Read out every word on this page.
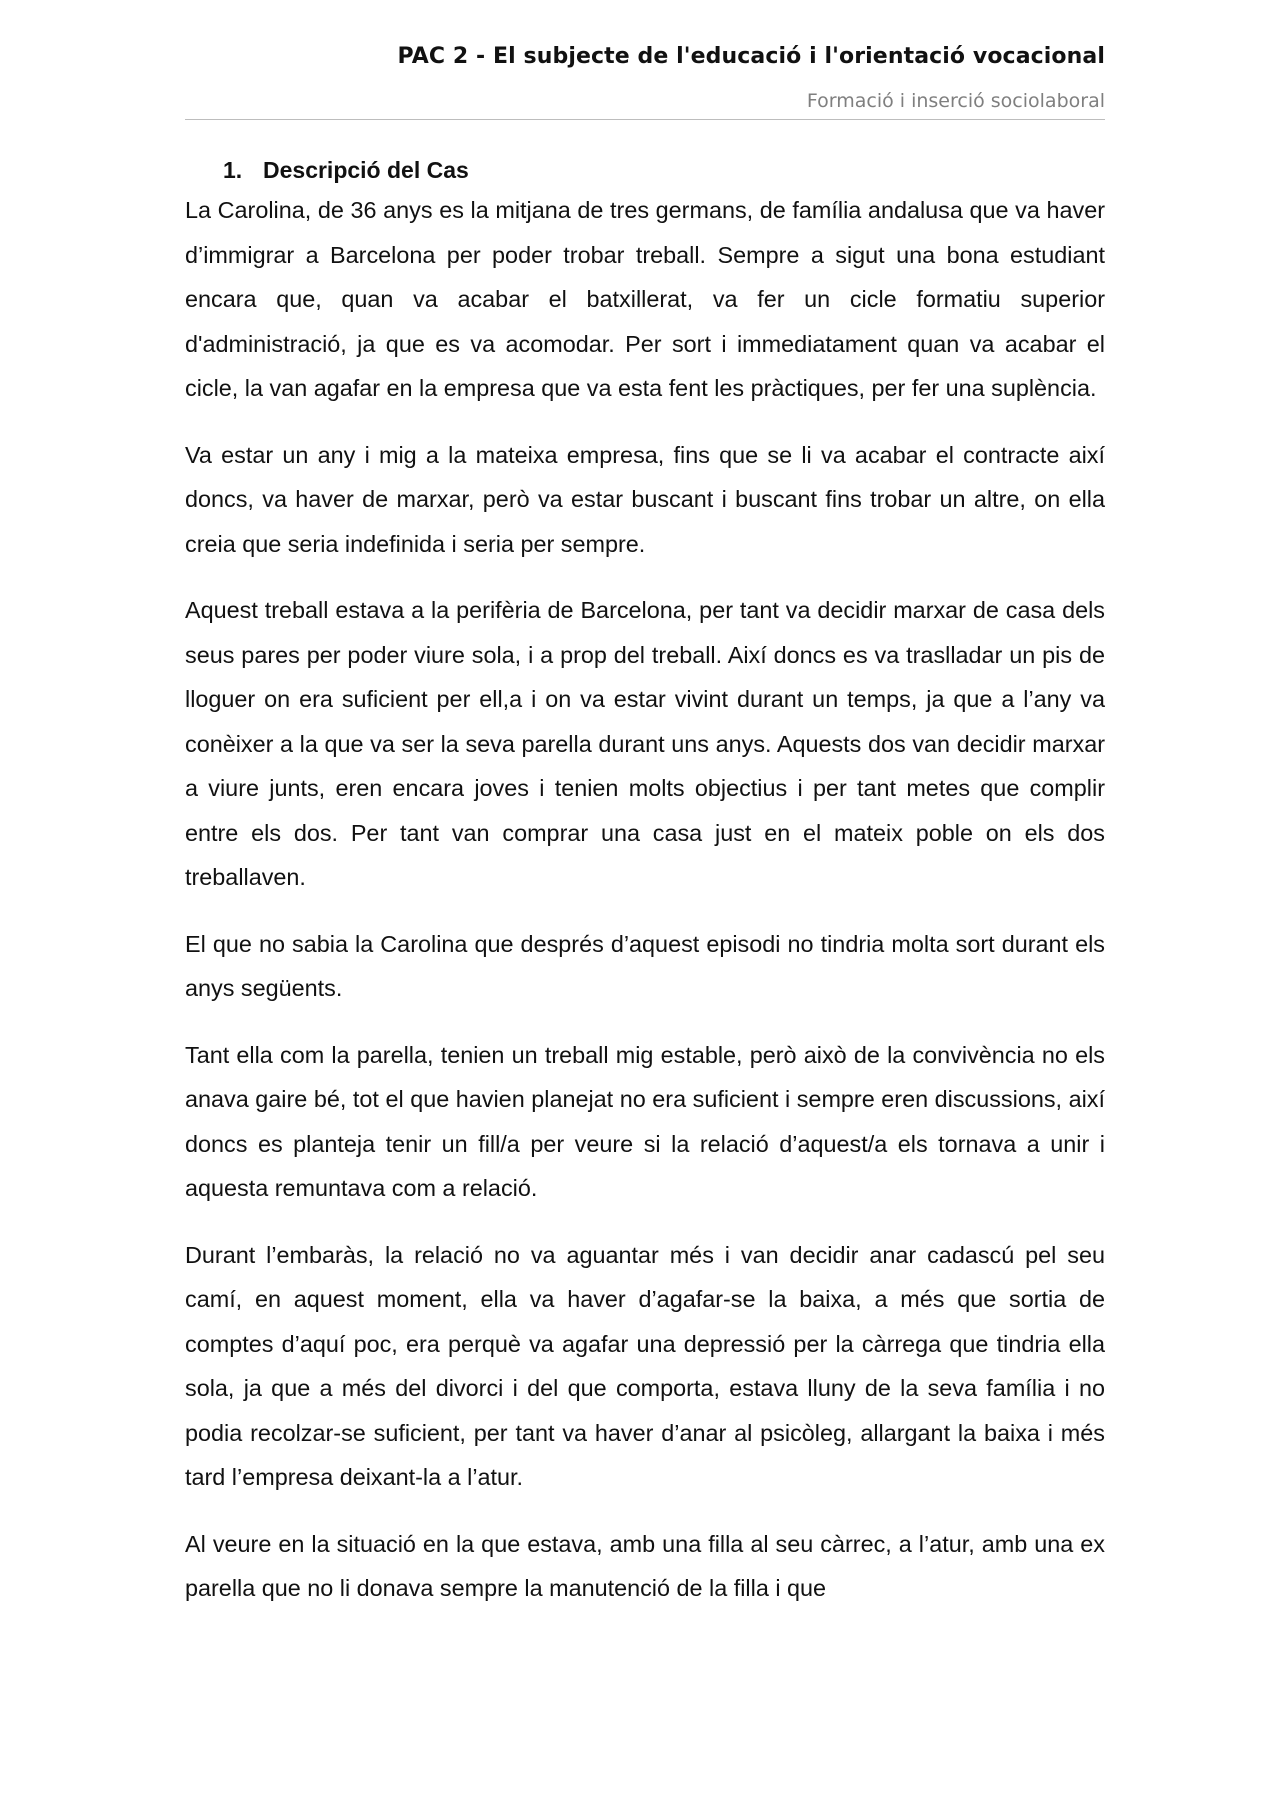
PAC 2 - El subjecte de l'educació i l'orientació vocacional
Formació i inserció sociolaboral
1. Descripció del Cas

La Carolina, de 36 anys es la mitjana de tres germans, de família andalusa que va haver d’immigrar a Barcelona per poder trobar treball. Sempre a sigut una bona estudiant encara que, quan va acabar el batxillerat, va fer un cicle formatiu superior d'administració, ja que es va acomodar. Per sort i immediatament quan va acabar el cicle, la van agafar en la empresa que va esta fent les pràctiques, per fer una suplència.

Va estar un any i mig a la mateixa empresa, fins que se li va acabar el contracte així doncs, va haver de marxar, però va estar buscant i buscant fins trobar un altre, on ella creia que seria indefinida i seria per sempre.

Aquest treball estava a la perifèria de Barcelona, per tant va decidir marxar de casa dels seus pares per poder viure sola, i a prop del treball. Així doncs es va traslladar un pis de lloguer on era suficient per ell,a i on va estar vivint durant un temps, ja que a l’any va conèixer a la que va ser la seva parella durant uns anys. Aquests dos van decidir marxar a viure junts, eren encara joves i tenien molts objectius i per tant metes que complir entre els dos. Per tant van comprar una casa just en el mateix poble on els dos treballaven.

El que no sabia la Carolina que després d’aquest episodi no tindria molta sort durant els anys següents.

Tant ella com la parella, tenien un treball mig estable, però això de la convivència no els anava gaire bé, tot el que havien planejat no era suficient i sempre eren discussions, així doncs es planteja tenir un fill/a per veure si la relació d’aquest/a els tornava a unir i aquesta remuntava com a relació.

Durant l’embaràs, la relació no va aguantar més i van decidir anar cadascú pel seu camí, en aquest moment, ella va haver d’agafar-se la baixa, a més que sortia de comptes d’aquí poc, era perquè va agafar una depressió per la càrrega que tindria ella sola, ja que a més del divorci i del que comporta, estava lluny de la seva família i no podia recolzar-se suficient, per tant va haver d’anar al psicòleg, allargant la baixa i més tard l’empresa deixant-la a l’atur.

Al veure en la situació en la que estava, amb una filla al seu càrrec, a l’atur, amb una ex parella que no li donava sempre la manutenció de la filla i que
